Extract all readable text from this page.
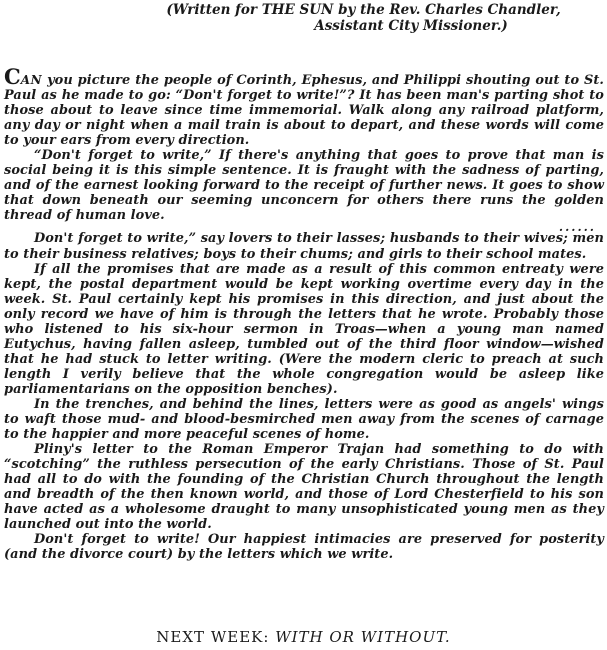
(Written for THE SUN by the Rev. Charles Chandler,
Assistant City Missioner.)

CAN you picture the people of Corinth, Ephesus, and Philippi shouting out to St. Paul as he made to go: “Don't forget to write!”? It has been man's parting shot to those about to leave since time immemorial. Walk along any railroad platform, any day or night when a mail train is about to depart, and these words will come to your ears from every direction.

“Don't forget to write,” If there's anything that goes to prove that man is social being it is this simple sentence. It is fraught with the sadness of parting, and of the earnest looking forward to the receipt of further news. It goes to show that down beneath our seeming unconcern for others there runs the golden thread of human love.

......

Don't forget to write,” say lovers to their lasses; husbands to their wives; men to their business relatives; boys to their chums; and girls to their school mates.

If all the promises that are made as a result of this common entreaty were kept, the postal department would be kept working overtime every day in the week. St. Paul certainly kept his promises in this direction, and just about the only record we have of him is through the letters that he wrote. Probably those who listened to his six-hour sermon in Troas—when a young man named Eutychus, having fallen asleep, tumbled out of the third floor window—wished that he had stuck to letter writing. (Were the modern cleric to preach at such length I verily believe that the whole congregation would be asleep like parliamentarians on the opposition benches).

In the trenches, and behind the lines, letters were as good as angels' wings to waft those mud- and blood-besmirched men away from the scenes of carnage to the happier and more peaceful scenes of home.

Pliny's letter to the Roman Emperor Trajan had something to do with “scotching” the ruthless persecution of the early Christians. Those of St. Paul had all to do with the founding of the Christian Church throughout the length and breadth of the then known world, and those of Lord Chesterfield to his son have acted as a wholesome draught to many unsophisticated young men as they launched out into the world.

Don't forget to write! Our happiest intimacies are preserved for posterity (and the divorce court) by the letters which we write.

NEXT WEEK: WITH OR WITHOUT.
